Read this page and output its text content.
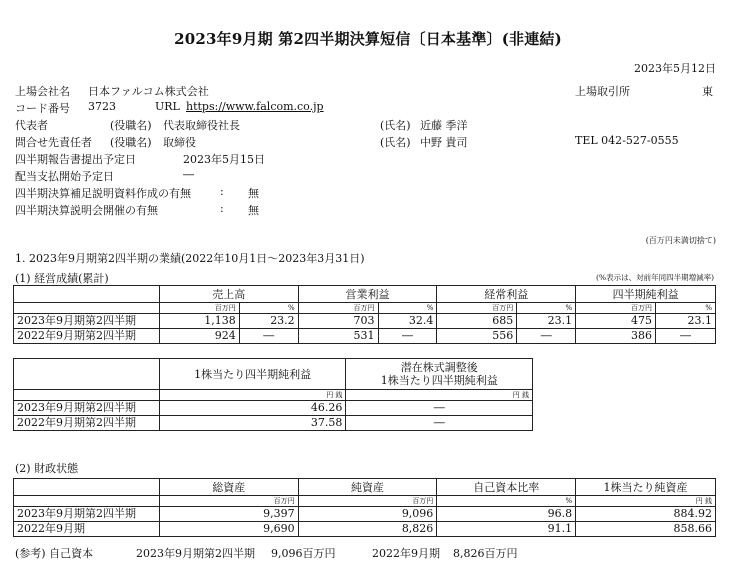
2023年9月期 第2四半期決算短信〔日本基準〕(非連結)
2023年5月12日
上場会社名 日本ファルコム株式会社	上場取引所	東
コード番号 3723	URL https://www.falcom.co.jp
代表者	(役職名) 代表取締役社長	(氏名) 近藤 季洋
問合せ先責任者 (役職名) 取締役	(氏名) 中野 貴司	TEL 042-527-0555
四半期報告書提出予定日	2023年5月15日
配当支払開始予定日	―
四半期決算補足説明資料作成の有無	: 無
四半期決算説明会開催の有無	: 無
(百万円未満切捨て)
1. 2023年9月期第2四半期の業績(2022年10月1日〜2023年3月31日)
(1) 経営成績(累計)	(%表示は、対前年同四半期増減率)
	売上高		営業利益		経常利益		四半期純利益	
	百万円	%	百万円	%	百万円	%	百万円	%
2023年9月期第2四半期	1,138	23.2	703	32.4	685	23.1	475	23.1
2022年9月期第2四半期	924	―	531	―	556	―	386	―
	1株当たり四半期純利益	潜在株式調整後
1株当たり四半期純利益

	円 銭	円 銭
2023年9月期第2四半期	46.26	―
2022年9月期第2四半期	37.58	―
(2) 財政状態
	総資産	純資産	自己資本比率	1株当たり純資産
	百万円	百万円	%	円 銭
2023年9月期第2四半期	9,397	9,096	96.8	884.92
2022年9月期	9,690	8,826	91.1	858.66
(参考) 自己資本	2023年9月期第2四半期 9,096百万円	2022年9月期 8,826百万円
